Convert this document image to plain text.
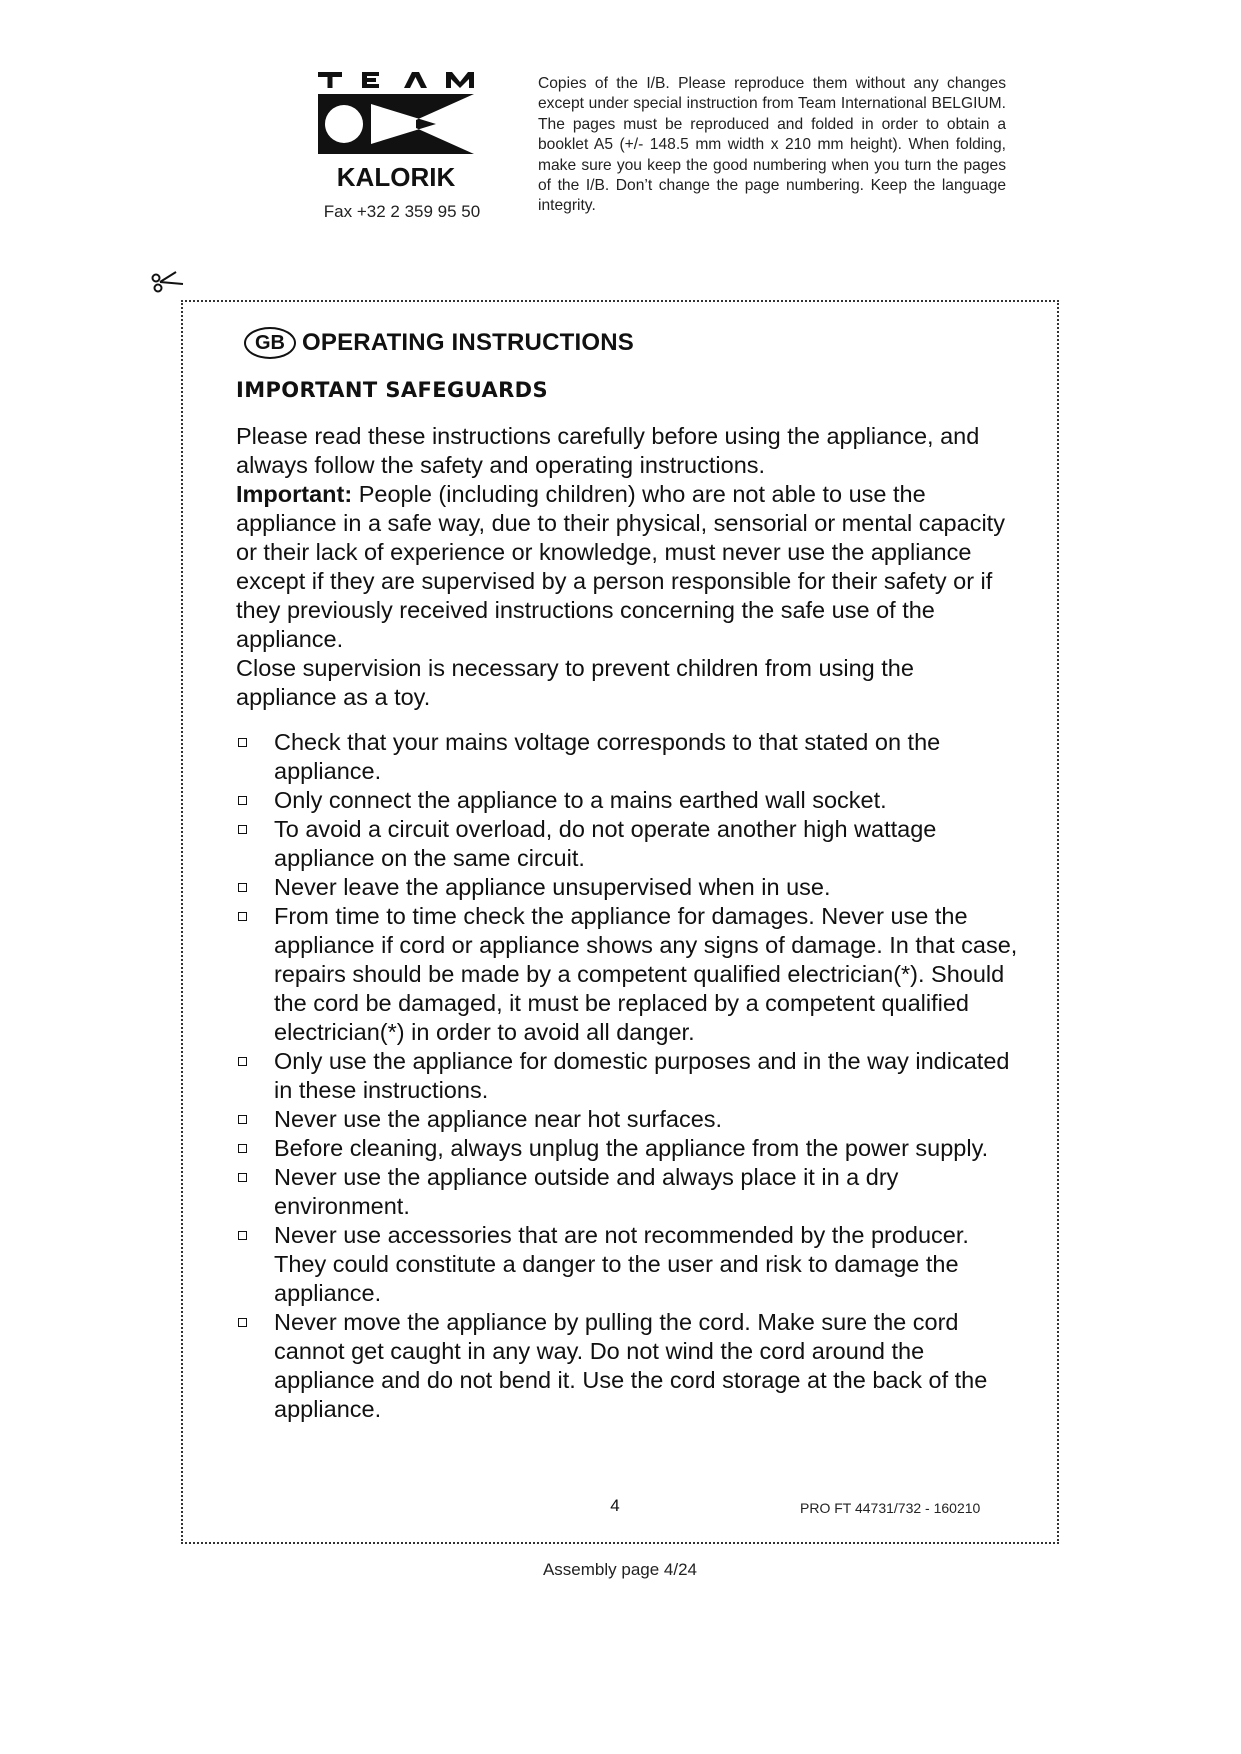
KALORIK
Fax +32 2 359 95 50
Copies of the I/B. Please reproduce them without any changes except under special instruction from Team International BELGIUM. The pages must be reproduced and folded in order to obtain a booklet A5 (+/- 148.5 mm width x 210 mm height). When folding, make sure you keep the good numbering when you turn the pages of the I/B. Don’t change the page numbering. Keep the language integrity.
GB OPERATING INSTRUCTIONS
IMPORTANT SAFEGUARDS

Please read these instructions carefully before using the appliance, and always follow the safety and operating instructions.

Important: People (including children) who are not able to use the appliance in a safe way, due to their physical, sensorial or mental capacity or their lack of experience or knowledge, must never use the appliance except if they are supervised by a person responsible for their safety or if they previously received instructions concerning the safe use of the appliance.

Close supervision is necessary to prevent children from using the appliance as a toy.

Check that your mains voltage corresponds to that stated on the appliance.
Only connect the appliance to a mains earthed wall socket.
To avoid a circuit overload, do not operate another high wattage appliance on the same circuit.
Never leave the appliance unsupervised when in use.
From time to time check the appliance for damages. Never use the appliance if cord or appliance shows any signs of damage. In that case, repairs should be made by a competent qualified electrician(*). Should the cord be damaged, it must be replaced by a competent qualified electrician(*) in order to avoid all danger.
Only use the appliance for domestic purposes and in the way indicated in these instructions.
Never use the appliance near hot surfaces.
Before cleaning, always unplug the appliance from the power supply.
Never use the appliance outside and always place it in a dry environment.
Never use accessories that are not recommended by the producer. They could constitute a danger to the user and risk to damage the appliance.
Never move the appliance by pulling the cord. Make sure the cord cannot get caught in any way. Do not wind the cord around the appliance and do not bend it. Use the cord storage at the back of the appliance.
4	PRO FT 44731/732 - 160210
Assembly page 4/24
